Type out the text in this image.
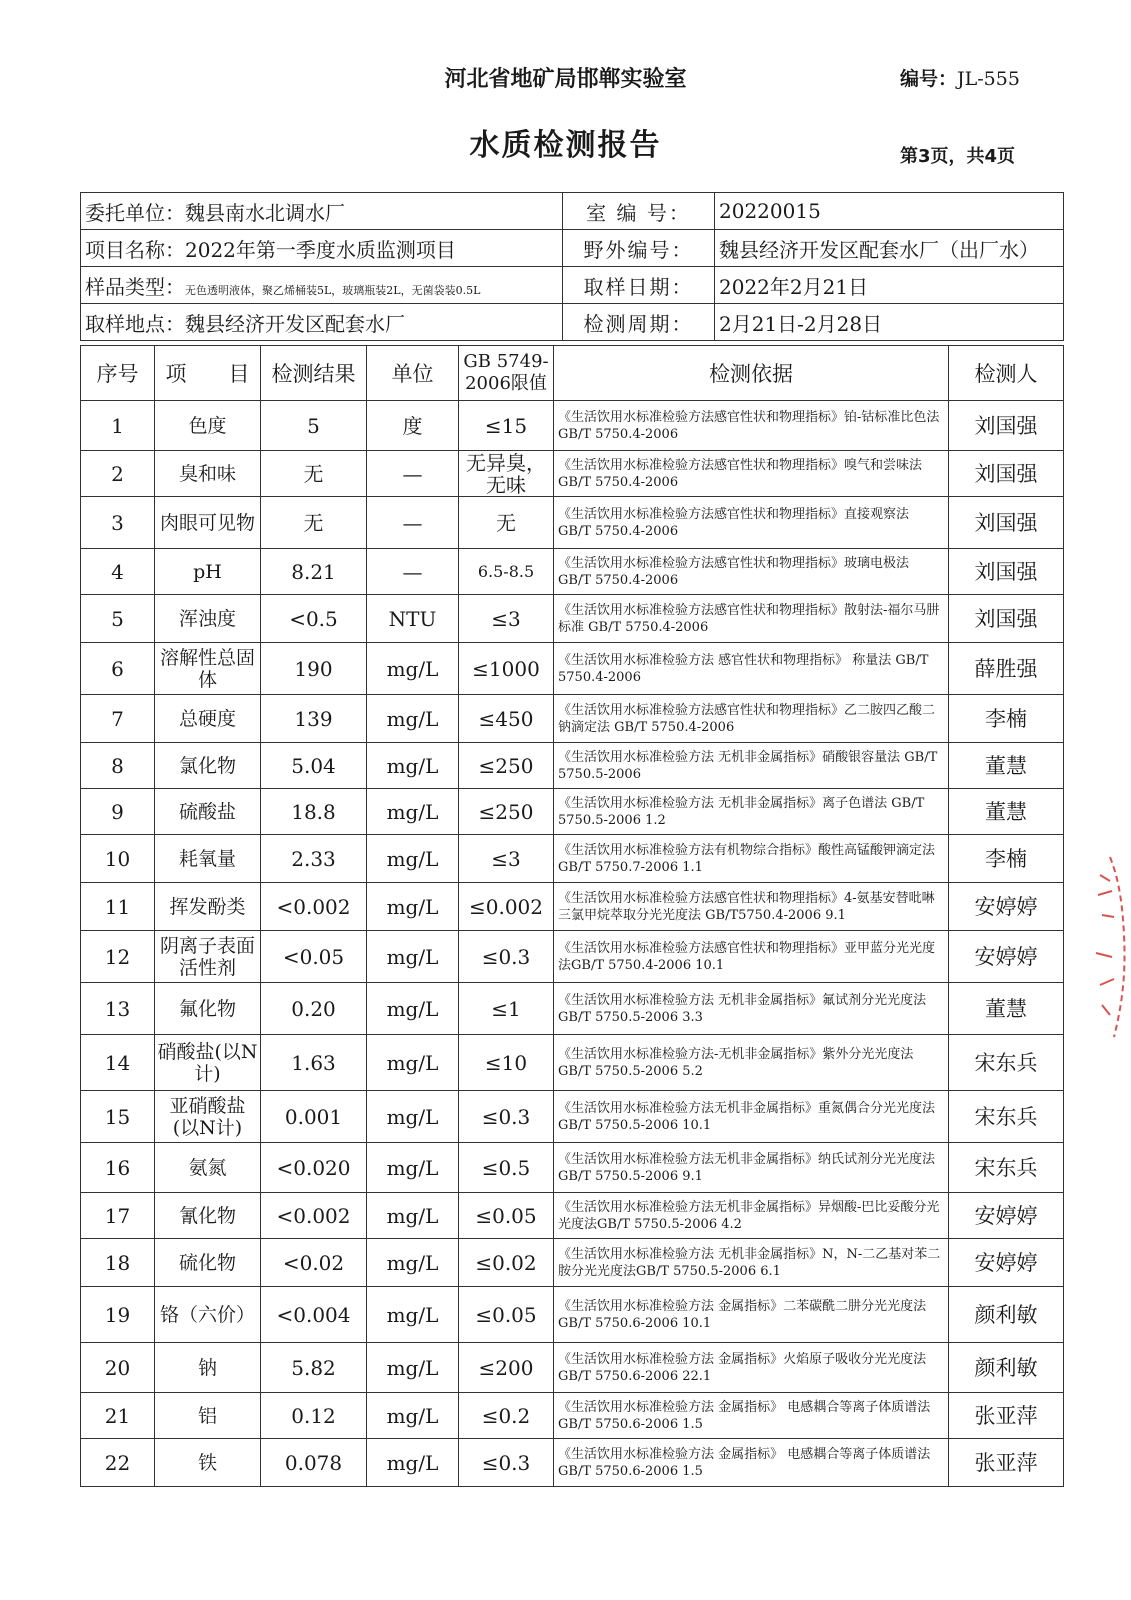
河北省地矿局邯郸实验室	编号：JL-555
水质检测报告	第3页，共4页
委托单位：魏县南水北调水厂	室 编 号：	20220015
项目名称：2022年第一季度水质监测项目	野外编号：	魏县经济开发区配套水厂（出厂水）
样品类型：无色透明液体，聚乙烯桶装5L，玻璃瓶装2L，无菌袋装0.5L	取样日期：	2022年2月21日
取样地点：魏县经济开发区配套水厂	检测周期：	2月21日-2月28日
序号	项　　目	检测结果	单位	GB 5749-2006限值	检测依据	检测人
1	色度	5	度	≤15	《生活饮用水标准检验方法感官性状和物理指标》铂-钴标准比色法 GB/T 5750.4-2006	刘国强
2	臭和味	无	—	无异臭，无味	《生活饮用水标准检验方法感官性状和物理指标》嗅气和尝味法 GB/T 5750.4-2006	刘国强
3	肉眼可见物	无	—	无	《生活饮用水标准检验方法感官性状和物理指标》直接观察法 GB/T 5750.4-2006	刘国强
4	pH	8.21	—	6.5-8.5	《生活饮用水标准检验方法感官性状和物理指标》玻璃电极法 GB/T 5750.4-2006	刘国强
5	浑浊度	<0.5	NTU	≤3	《生活饮用水标准检验方法感官性状和物理指标》散射法-福尔马肼标准 GB/T 5750.4-2006	刘国强
6	溶解性总固体	190	mg/L	≤1000	《生活饮用水标准检验方法 感官性状和物理指标》 称量法 GB/T 5750.4-2006	薛胜强
7	总硬度	139	mg/L	≤450	《生活饮用水标准检验方法感官性状和物理指标》乙二胺四乙酸二钠滴定法 GB/T 5750.4-2006	李楠
8	氯化物	5.04	mg/L	≤250	《生活饮用水标准检验方法 无机非金属指标》硝酸银容量法 GB/T 5750.5-2006	董慧
9	硫酸盐	18.8	mg/L	≤250	《生活饮用水标准检验方法 无机非金属指标》离子色谱法 GB/T 5750.5-2006 1.2	董慧
10	耗氧量	2.33	mg/L	≤3	《生活饮用水标准检验方法有机物综合指标》酸性高锰酸钾滴定法 GB/T 5750.7-2006 1.1	李楠
11	挥发酚类	<0.002	mg/L	≤0.002	《生活饮用水标准检验方法感官性状和物理指标》4-氨基安替吡啉三氯甲烷萃取分光光度法 GB/T5750.4-2006 9.1	安婷婷
12	阴离子表面活性剂	<0.05	mg/L	≤0.3	《生活饮用水标准检验方法感官性状和物理指标》亚甲蓝分光光度法GB/T 5750.4-2006 10.1	安婷婷
13	氟化物	0.20	mg/L	≤1	《生活饮用水标准检验方法 无机非金属指标》氟试剂分光光度法GB/T 5750.5-2006 3.3	董慧
14	硝酸盐(以N计)	1.63	mg/L	≤10	《生活饮用水标准检验方法-无机非金属指标》紫外分光光度法GB/T 5750.5-2006 5.2	宋东兵
15	亚硝酸盐(以N计)	0.001	mg/L	≤0.3	《生活饮用水标准检验方法无机非金属指标》重氮偶合分光光度法GB/T 5750.5-2006 10.1	宋东兵
16	氨氮	<0.020	mg/L	≤0.5	《生活饮用水标准检验方法无机非金属指标》纳氏试剂分光光度法GB/T 5750.5-2006 9.1	宋东兵
17	氰化物	<0.002	mg/L	≤0.05	《生活饮用水标准检验方法无机非金属指标》异烟酸-巴比妥酸分光光度法GB/T 5750.5-2006 4.2	安婷婷
18	硫化物	<0.02	mg/L	≤0.02	《生活饮用水标准检验方法 无机非金属指标》N，N-二乙基对苯二胺分光光度法GB/T 5750.5-2006 6.1	安婷婷
19	铬（六价）	<0.004	mg/L	≤0.05	《生活饮用水标准检验方法 金属指标》二苯碳酰二肼分光光度法GB/T 5750.6-2006 10.1	颜利敏
20	钠	5.82	mg/L	≤200	《生活饮用水标准检验方法 金属指标》火焰原子吸收分光光度法GB/T 5750.6-2006 22.1	颜利敏
21	铝	0.12	mg/L	≤0.2	《生活饮用水标准检验方法 金属指标》 电感耦合等离子体质谱法 GB/T 5750.6-2006 1.5	张亚萍
22	铁	0.078	mg/L	≤0.3	《生活饮用水标准检验方法 金属指标》 电感耦合等离子体质谱法 GB/T 5750.6-2006 1.5	张亚萍
